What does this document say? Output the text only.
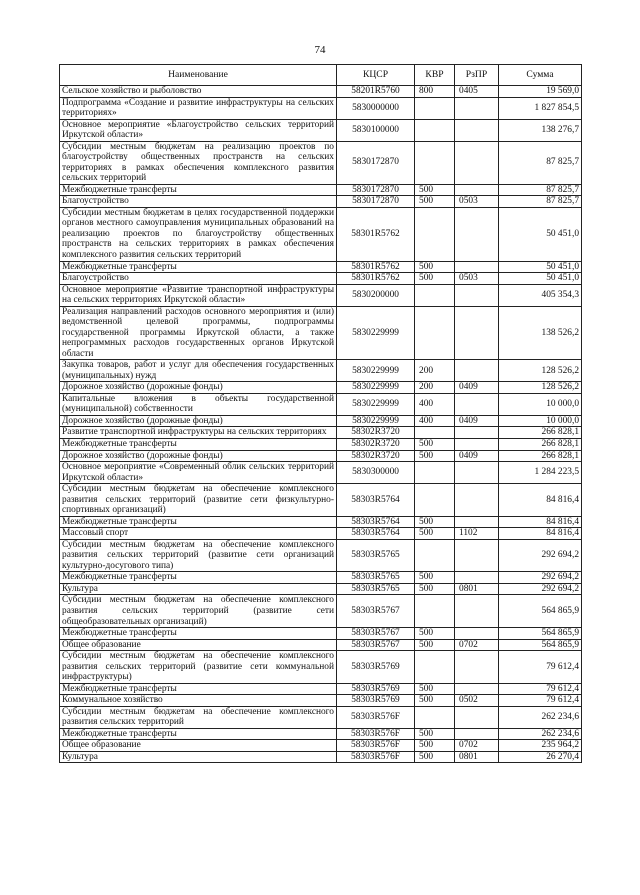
74
Наименование	КЦСР	КВР	РзПР	Сумма
Сельское хозяйство и рыболовство	58201R5760	800	0405	19 569,0
Подпрограмма «Создание и развитие инфраструктуры на сельских территориях»	5830000000			1 827 854,5
Основное мероприятие «Благоустройство сельских территорий Иркутской области»	5830100000			138 276,7
Субсидии местным бюджетам на реализацию проектов по благоустройству общественных пространств на сельских территориях в рамках обеспечения комплексного развития сельских территорий	5830172870			87 825,7
Межбюджетные трансферты	5830172870	500		87 825,7
Благоустройство	5830172870	500	0503	87 825,7
Субсидии местным бюджетам в целях государственной поддержки органов местного самоуправления муниципальных образований на реализацию проектов по благоустройству общественных пространств на сельских территориях в рамках обеспечения комплексного развития сельских территорий	58301R5762			50 451,0
Межбюджетные трансферты	58301R5762	500		50 451,0
Благоустройство	58301R5762	500	0503	50 451,0
Основное мероприятие «Развитие транспортной инфраструктуры на сельских территориях Иркутской области»	5830200000			405 354,3
Реализация направлений расходов основного мероприятия и (или) ведомственной целевой программы, подпрограммы государственной программы Иркутской области, а также непрограммных расходов государственных органов Иркутской области	5830229999			138 526,2
Закупка товаров, работ и услуг для обеспечения государственных (муниципальных) нужд	5830229999	200		128 526,2
Дорожное хозяйство (дорожные фонды)	5830229999	200	0409	128 526,2
Капитальные вложения в объекты государственной (муниципальной) собственности	5830229999	400		10 000,0
Дорожное хозяйство (дорожные фонды)	5830229999	400	0409	10 000,0
Развитие транспортной инфраструктуры на сельских территориях	58302R3720			266 828,1
Межбюджетные трансферты	58302R3720	500		266 828,1
Дорожное хозяйство (дорожные фонды)	58302R3720	500	0409	266 828,1
Основное мероприятие «Современный облик сельских территорий Иркутской области»	5830300000			1 284 223,5
Субсидии местным бюджетам на обеспечение комплексного развития сельских территорий (развитие сети физкультурно-спортивных организаций)	58303R5764			84 816,4
Межбюджетные трансферты	58303R5764	500		84 816,4
Массовый спорт	58303R5764	500	1102	84 816,4
Субсидии местным бюджетам на обеспечение комплексного развития сельских территорий (развитие сети организаций культурно-досугового типа)	58303R5765			292 694,2
Межбюджетные трансферты	58303R5765	500		292 694,2
Культура	58303R5765	500	0801	292 694,2
Субсидии местным бюджетам на обеспечение комплексного развития сельских территорий (развитие сети общеобразовательных организаций)	58303R5767			564 865,9
Межбюджетные трансферты	58303R5767	500		564 865,9
Общее образование	58303R5767	500	0702	564 865,9
Субсидии местным бюджетам на обеспечение комплексного развития сельских территорий (развитие сети коммунальной инфраструктуры)	58303R5769			79 612,4
Межбюджетные трансферты	58303R5769	500		79 612,4
Коммунальное хозяйство	58303R5769	500	0502	79 612,4
Субсидии местным бюджетам на обеспечение комплексного развития сельских территорий	58303R576F			262 234,6
Межбюджетные трансферты	58303R576F	500		262 234,6
Общее образование	58303R576F	500	0702	235 964,2
Культура	58303R576F	500	0801	26 270,4
